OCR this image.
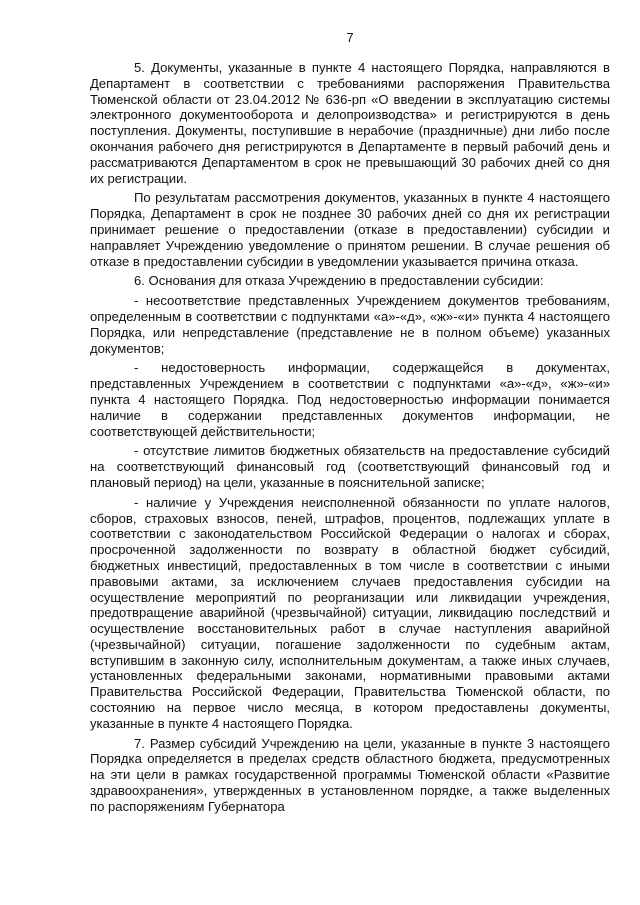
7

5. Документы, указанные в пункте 4 настоящего Порядка, направляются в Департамент в соответствии с требованиями распоряжения Правительства Тюменской области от 23.04.2012 № 636-рп «О введении в эксплуатацию системы электронного документооборота и делопроизводства» и регистрируются в день поступления. Документы, поступившие в нерабочие (праздничные) дни либо после окончания рабочего дня регистрируются в Департаменте в первый рабочий день и рассматриваются Департаментом в срок не превышающий 30 рабочих дней со дня их регистрации.

По результатам рассмотрения документов, указанных в пункте 4 настоящего Порядка, Департамент в срок не позднее 30 рабочих дней со дня их регистрации принимает решение о предоставлении (отказе в предоставлении) субсидии и направляет Учреждению уведомление о принятом решении. В случае решения об отказе в предоставлении субсидии в уведомлении указывается причина отказа.

6. Основания для отказа Учреждению в предоставлении субсидии:

- несоответствие представленных Учреждением документов требованиям, определенным в соответствии с подпунктами «а»-«д», «ж»-«и» пункта 4 настоящего Порядка, или непредставление (представление не в полном объеме) указанных документов;

- недостоверность информации, содержащейся в документах, представленных Учреждением в соответствии с подпунктами «а»-«д», «ж»-«и» пункта 4 настоящего Порядка. Под недостоверностью информации понимается наличие в содержании представленных документов информации, не соответствующей действительности;

- отсутствие лимитов бюджетных обязательств на предоставление субсидий на соответствующий финансовый год (соответствующий финансовый год и плановый период) на цели, указанные в пояснительной записке;

- наличие у Учреждения неисполненной обязанности по уплате налогов, сборов, страховых взносов, пеней, штрафов, процентов, подлежащих уплате в соответствии с законодательством Российской Федерации о налогах и сборах, просроченной задолженности по возврату в областной бюджет субсидий, бюджетных инвестиций, предоставленных в том числе в соответствии с иными правовыми актами, за исключением случаев предоставления субсидии на осуществление мероприятий по реорганизации или ликвидации учреждения, предотвращение аварийной (чрезвычайной) ситуации, ликвидацию последствий и осуществление восстановительных работ в случае наступления аварийной (чрезвычайной) ситуации, погашение задолженности по судебным актам, вступившим в законную силу, исполнительным документам, а также иных случаев, установленных федеральными законами, нормативными правовыми актами Правительства Российской Федерации, Правительства Тюменской области, по состоянию на первое число месяца, в котором предоставлены документы, указанные в пункте 4 настоящего Порядка.

7. Размер субсидий Учреждению на цели, указанные в пункте 3 настоящего Порядка определяется в пределах средств областного бюджета, предусмотренных на эти цели в рамках государственной программы Тюменской области «Развитие здравоохранения», утвержденных в установленном порядке, а также выделенных по распоряжениям Губернатора
